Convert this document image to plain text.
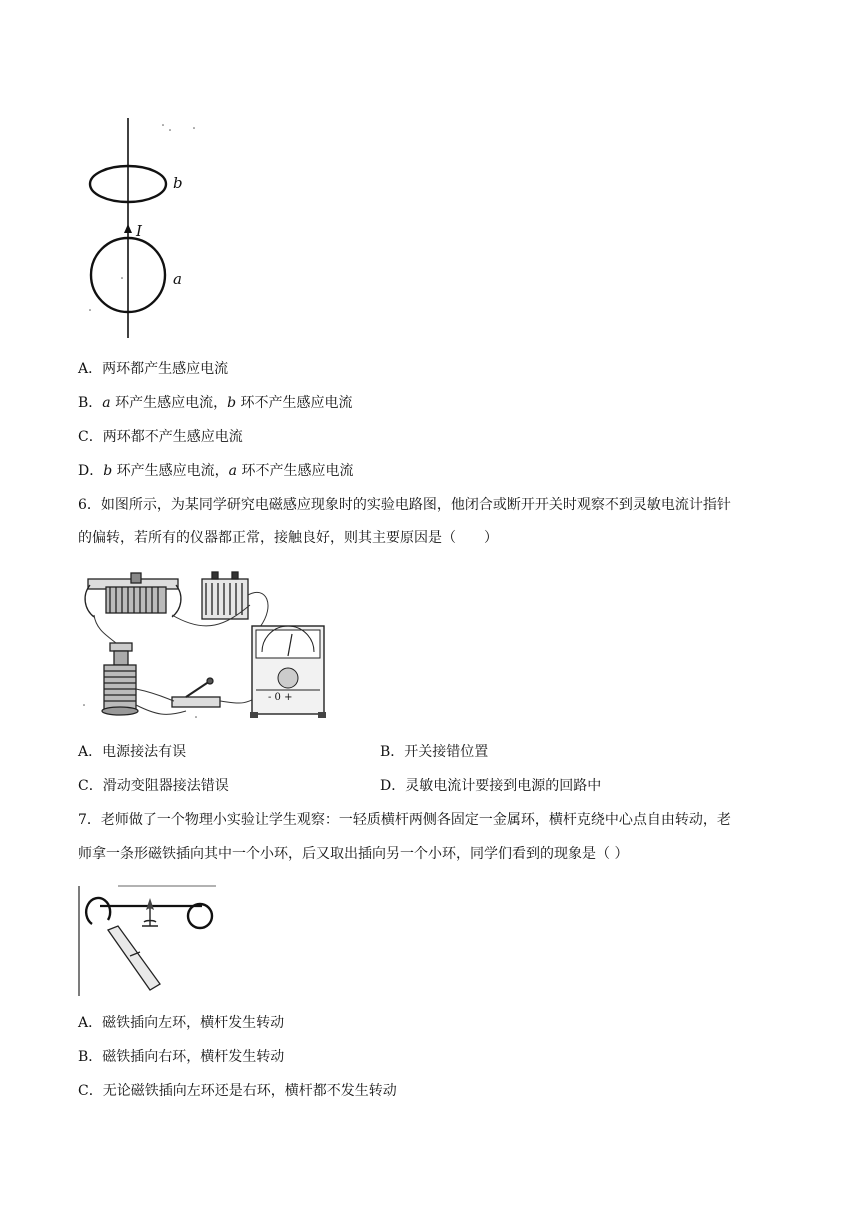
b
I
a
A．两环都产生感应电流
B．a 环产生感应电流，b 环不产生感应电流
C．两环都不产生感应电流
D．b 环产生感应电流，a 环不产生感应电流
6．如图所示，为某同学研究电磁感应现象时的实验电路图，他闭合或断开开关时观察不到灵敏电流计指针
的偏转，若所有的仪器都正常，接触良好，则其主要原因是（　　）
- 0 +
A．电源接法有误	B．开关接错位置
C．滑动变阻器接法错误	D．灵敏电流计要接到电源的回路中
7．老师做了一个物理小实验让学生观察：一轻质横杆两侧各固定一金属环，横杆克绕中心点自由转动，老
师拿一条形磁铁插向其中一个小环，后又取出插向另一个小环，同学们看到的现象是（ ）
A．磁铁插向左环，横杆发生转动
B．磁铁插向右环，横杆发生转动
C．无论磁铁插向左环还是右环，横杆都不发生转动
